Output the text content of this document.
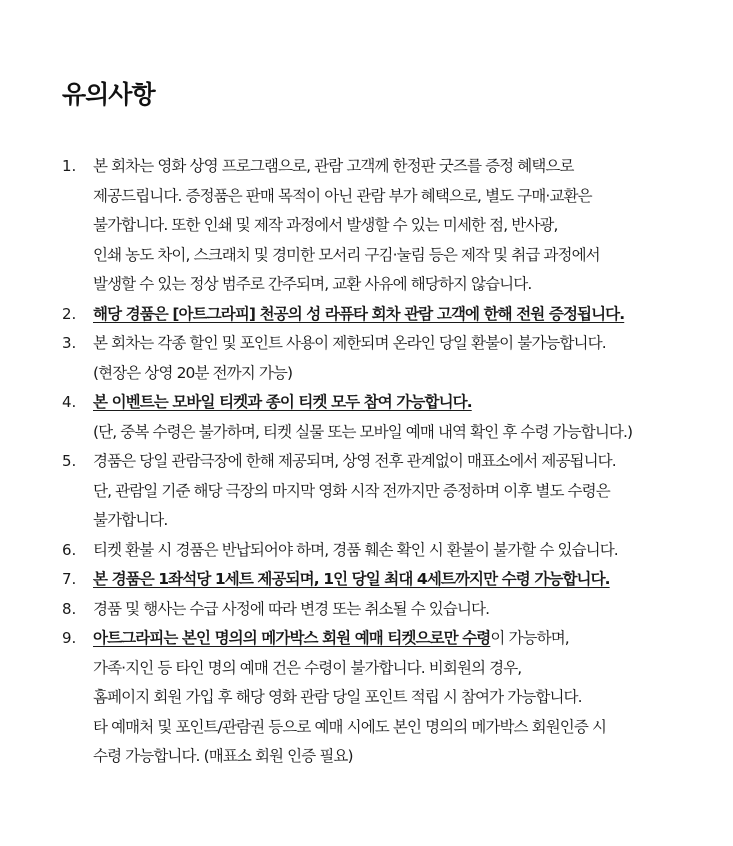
유의사항
1.	본 회차는 영화 상영 프로그램으로, 관람 고객께 한정판 굿즈를 증정 혜택으로
제공드립니다. 증정품은 판매 목적이 아닌 관람 부가 혜택으로, 별도 구매·교환은
불가합니다. 또한 인쇄 및 제작 과정에서 발생할 수 있는 미세한 점, 반사광,
인쇄 농도 차이, 스크래치 및 경미한 모서리 구김·눌림 등은 제작 및 취급 과정에서
발생할 수 있는 정상 범주로 간주되며, 교환 사유에 해당하지 않습니다.
2.	해당 경품은 [아트그라피] 천공의 성 라퓨타 회차 관람 고객에 한해 전원 증정됩니다.
3.	본 회차는 각종 할인 및 포인트 사용이 제한되며 온라인 당일 환불이 불가능합니다.
(현장은 상영 20분 전까지 가능)
4.	본 이벤트는 모바일 티켓과 종이 티켓 모두 참여 가능합니다.
(단, 중복 수령은 불가하며, 티켓 실물 또는 모바일 예매 내역 확인 후 수령 가능합니다.)
5.	경품은 당일 관람극장에 한해 제공되며, 상영 전후 관계없이 매표소에서 제공됩니다.
단, 관람일 기준 해당 극장의 마지막 영화 시작 전까지만 증정하며 이후 별도 수령은
불가합니다.
6.	티켓 환불 시 경품은 반납되어야 하며, 경품 훼손 확인 시 환불이 불가할 수 있습니다.
7.	본 경품은 1좌석당 1세트 제공되며, 1인 당일 최대 4세트까지만 수령 가능합니다.
8.	경품 및 행사는 수급 사정에 따라 변경 또는 취소될 수 있습니다.
9.	아트그라피는 본인 명의의 메가박스 회원 예매 티켓으로만 수령이 가능하며,
가족·지인 등 타인 명의 예매 건은 수령이 불가합니다. 비회원의 경우,
홈페이지 회원 가입 후 해당 영화 관람 당일 포인트 적립 시 참여가 가능합니다.
타 예매처 및 포인트/관람권 등으로 예매 시에도 본인 명의의 메가박스 회원인증 시
수령 가능합니다. (매표소 회원 인증 필요)
